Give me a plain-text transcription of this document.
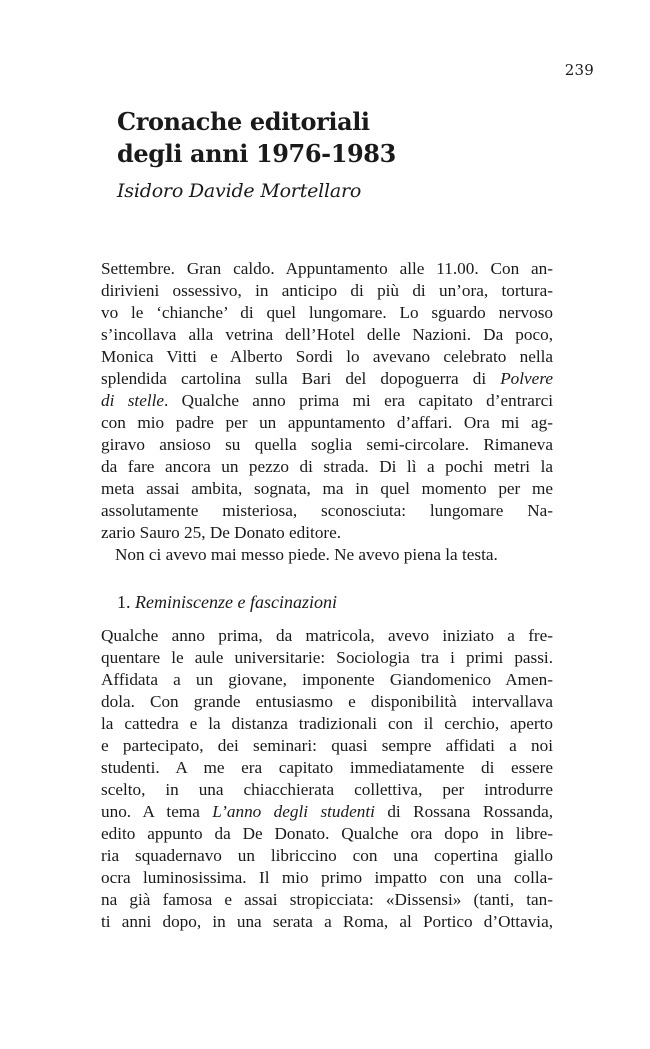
239
Cronache editoriali
degli anni 1976-1983
Isidoro Davide Mortellaro
Settembre. Gran caldo. Appuntamento alle 11.00. Con an-
dirivieni ossessivo, in anticipo di più di un’ora, tortura-
vo le ‘chianche’ di quel lungomare. Lo sguardo nervoso
s’incollava alla vetrina dell’Hotel delle Nazioni. Da poco,
Monica Vitti e Alberto Sordi lo avevano celebrato nella
splendida cartolina sulla Bari del dopoguerra di Polvere
di stelle. Qualche anno prima mi era capitato d’entrarci
con mio padre per un appuntamento d’affari. Ora mi ag-
giravo ansioso su quella soglia semi-circolare. Rimaneva
da fare ancora un pezzo di strada. Di lì a pochi metri la
meta assai ambita, sognata, ma in quel momento per me
assolutamente misteriosa, sconosciuta: lungomare Na-
zario Sauro 25, De Donato editore.
Non ci avevo mai messo piede. Ne avevo piena la testa.
1. Reminiscenze e fascinazioni
Qualche anno prima, da matricola, avevo iniziato a fre-
quentare le aule universitarie: Sociologia tra i primi passi.
Affidata a un giovane, imponente Giandomenico Amen-
dola. Con grande entusiasmo e disponibilità intervallava
la cattedra e la distanza tradizionali con il cerchio, aperto
e partecipato, dei seminari: quasi sempre affidati a noi
studenti. A me era capitato immediatamente di essere
scelto, in una chiacchierata collettiva, per introdurre
uno. A tema L’anno degli studenti di Rossana Rossanda,
edito appunto da De Donato. Qualche ora dopo in libre-
ria squadernavo un libriccino con una copertina giallo
ocra luminosissima. Il mio primo impatto con una colla-
na già famosa e assai stropicciata: «Dissensi» (tanti, tan-
ti anni dopo, in una serata a Roma, al Portico d’Ottavia,
